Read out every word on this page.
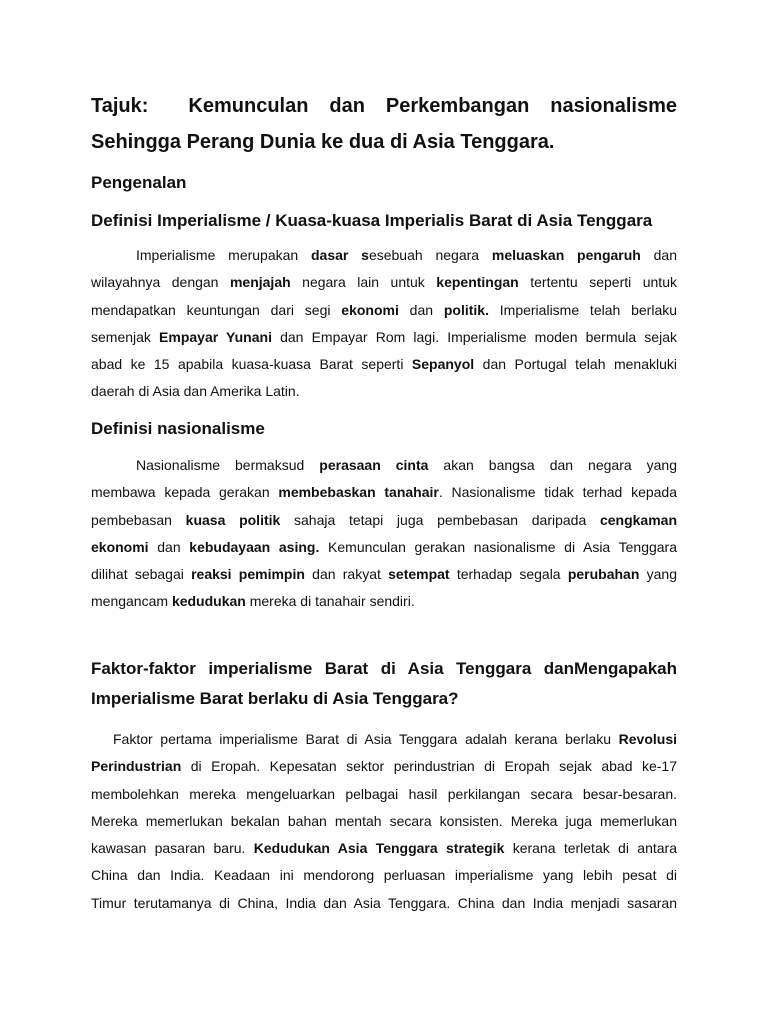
Tajuk: Kemunculan dan Perkembangan nasionalisme
Sehingga Perang Dunia ke dua di Asia Tenggara.
Pengenalan
Definisi Imperialisme / Kuasa-kuasa Imperialis Barat di Asia Tenggara
Imperialisme merupakan dasar sesebuah negara meluaskan pengaruh dan
wilayahnya dengan menjajah negara lain untuk kepentingan tertentu seperti untuk
mendapatkan keuntungan dari segi ekonomi dan politik. Imperialisme telah berlaku
semenjak Empayar Yunani dan Empayar Rom lagi. Imperialisme moden bermula sejak
abad ke 15 apabila kuasa-kuasa Barat seperti Sepanyol dan Portugal telah menakluki
daerah di Asia dan Amerika Latin.
Definisi nasionalisme
Nasionalisme bermaksud perasaan cinta akan bangsa dan negara yang
membawa kepada gerakan membebaskan tanahair. Nasionalisme tidak terhad kepada
pembebasan kuasa politik sahaja tetapi juga pembebasan daripada cengkaman
ekonomi dan kebudayaan asing. Kemunculan gerakan nasionalisme di Asia Tenggara
dilihat sebagai reaksi pemimpin dan rakyat setempat terhadap segala perubahan yang
mengancam kedudukan mereka di tanahair sendiri.
Faktor-faktor imperialisme Barat di Asia Tenggara danMengapakah
Imperialisme Barat berlaku di Asia Tenggara?
Faktor pertama imperialisme Barat di Asia Tenggara adalah kerana berlaku Revolusi
Perindustrian di Eropah. Kepesatan sektor perindustrian di Eropah sejak abad ke-17
membolehkan mereka mengeluarkan pelbagai hasil perkilangan secara besar-besaran.
Mereka memerlukan bekalan bahan mentah secara konsisten. Mereka juga memerlukan
kawasan pasaran baru. Kedudukan Asia Tenggara strategik kerana terletak di antara
China dan India. Keadaan ini mendorong perluasan imperialisme yang lebih pesat di
Timur terutamanya di China, India dan Asia Tenggara. China dan India menjadi sasaran
